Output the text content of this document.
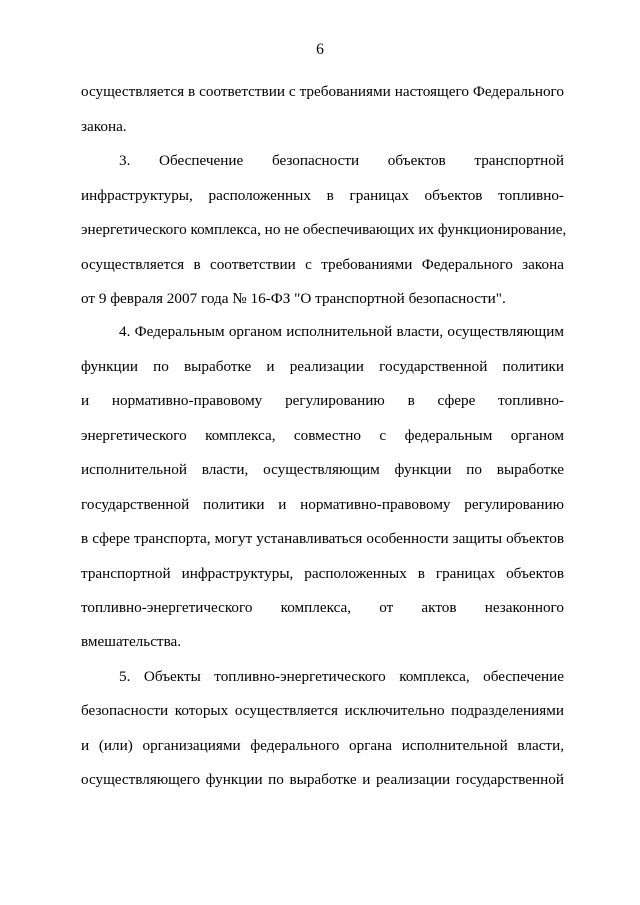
6
осуществляется в соответствии с требованиями настоящего Федерального
закона.
3. Обеспечение безопасности объектов транспортной
инфраструктуры, расположенных в границах объектов топливно-
энергетического комплекса, но не обеспечивающих их функционирование,
осуществляется в соответствии с требованиями Федерального закона
от 9 февраля 2007 года № 16-ФЗ "О транспортной безопасности".
4. Федеральным органом исполнительной власти, осуществляющим
функции по выработке и реализации государственной политики
и нормативно-правовому регулированию в сфере топливно-
энергетического комплекса, совместно с федеральным органом
исполнительной власти, осуществляющим функции по выработке
государственной политики и нормативно-правовому регулированию
в сфере транспорта, могут устанавливаться особенности защиты объектов
транспортной инфраструктуры, расположенных в границах объектов
топливно-энергетического комплекса, от актов незаконного
вмешательства.
5. Объекты топливно-энергетического комплекса, обеспечение
безопасности которых осуществляется исключительно подразделениями
и (или) организациями федерального органа исполнительной власти,
осуществляющего функции по выработке и реализации государственной
